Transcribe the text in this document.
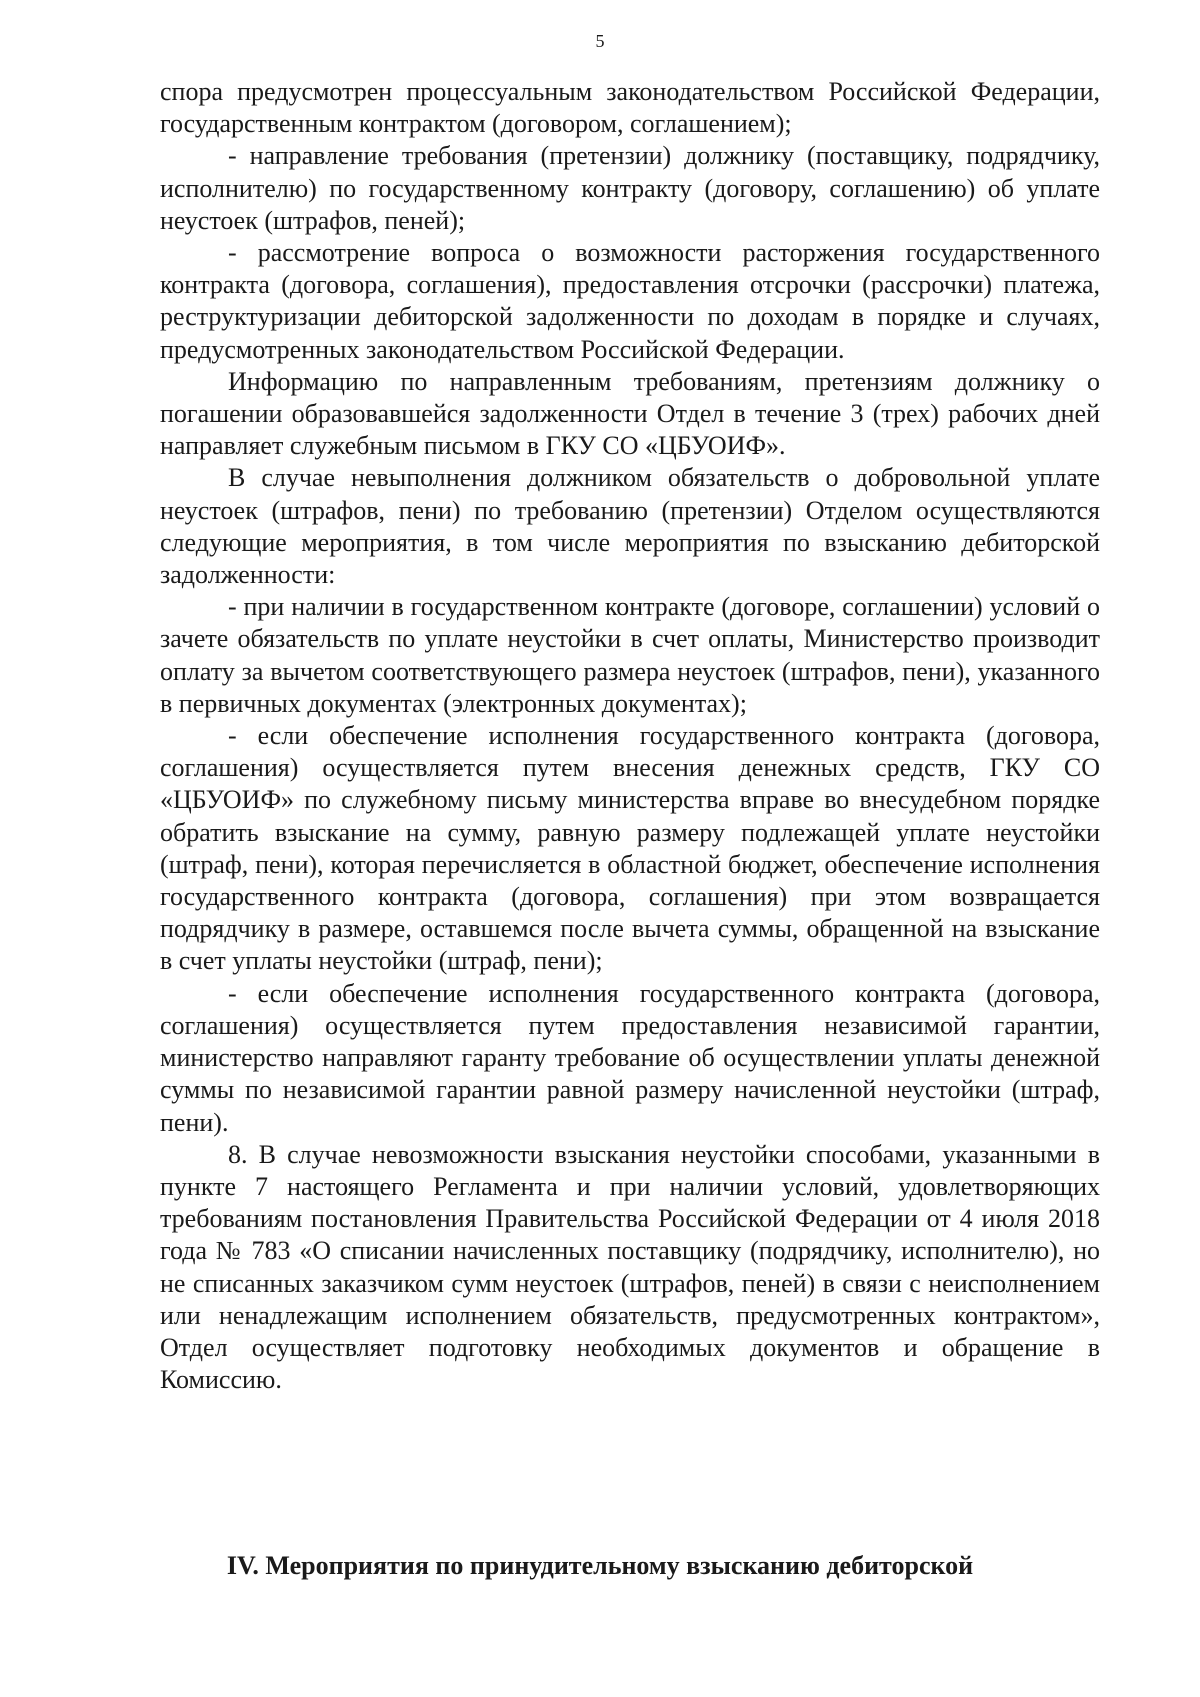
5

спора предусмотрен процессуальным законодательством Российской Федерации, государственным контрактом (договором, соглашением);

- направление требования (претензии) должнику (поставщику, подрядчику, исполнителю) по государственному контракту (договору, соглашению) об уплате неустоек (штрафов, пеней);

- рассмотрение вопроса о возможности расторжения государственного контракта (договора, соглашения), предоставления отсрочки (рассрочки) платежа, реструктуризации дебиторской задолженности по доходам в порядке и случаях, предусмотренных законодательством Российской Федерации.

Информацию по направленным требованиям, претензиям должнику о погашении образовавшейся задолженности Отдел в течение 3 (трех) рабочих дней направляет служебным письмом в ГКУ СО «ЦБУОИФ».

В случае невыполнения должником обязательств о добровольной уплате неустоек (штрафов, пени) по требованию (претензии) Отделом осуществляются следующие мероприятия, в том числе мероприятия по взысканию дебиторской задолженности:

- при наличии в государственном контракте (договоре, соглашении) условий о зачете обязательств по уплате неустойки в счет оплаты, Министерство производит оплату за вычетом соответствующего размера неустоек (штрафов, пени), указанного в первичных документах (электронных документах);

- если обеспечение исполнения государственного контракта (договора, соглашения) осуществляется путем внесения денежных средств, ГКУ СО «ЦБУОИФ» по служебному письму министерства вправе во внесудебном порядке обратить взыскание на сумму, равную размеру подлежащей уплате неустойки (штраф, пени), которая перечисляется в областной бюджет, обеспечение исполнения государственного контракта (договора, соглашения) при этом возвращается подрядчику в размере, оставшемся после вычета суммы, обращенной на взыскание в счет уплаты неустойки (штраф, пени);

- если обеспечение исполнения государственного контракта (договора, соглашения) осуществляется путем предоставления независимой гарантии, министерство направляют гаранту требование об осуществлении уплаты денежной суммы по независимой гарантии равной размеру начисленной неустойки (штраф, пени).

8. В случае невозможности взыскания неустойки способами, указанными в пункте 7 настоящего Регламента и при наличии условий, удовлетворяющих требованиям постановления Правительства Российской Федерации от 4 июля 2018 года № 783 «О списании начисленных поставщику (подрядчику, исполнителю), но не списанных заказчиком сумм неустоек (штрафов, пеней) в связи с неисполнением или ненадлежащим исполнением обязательств, предусмотренных контрактом», Отдел осуществляет подготовку необходимых документов и обращение в Комиссию.

IV. Мероприятия по принудительному взысканию дебиторской
